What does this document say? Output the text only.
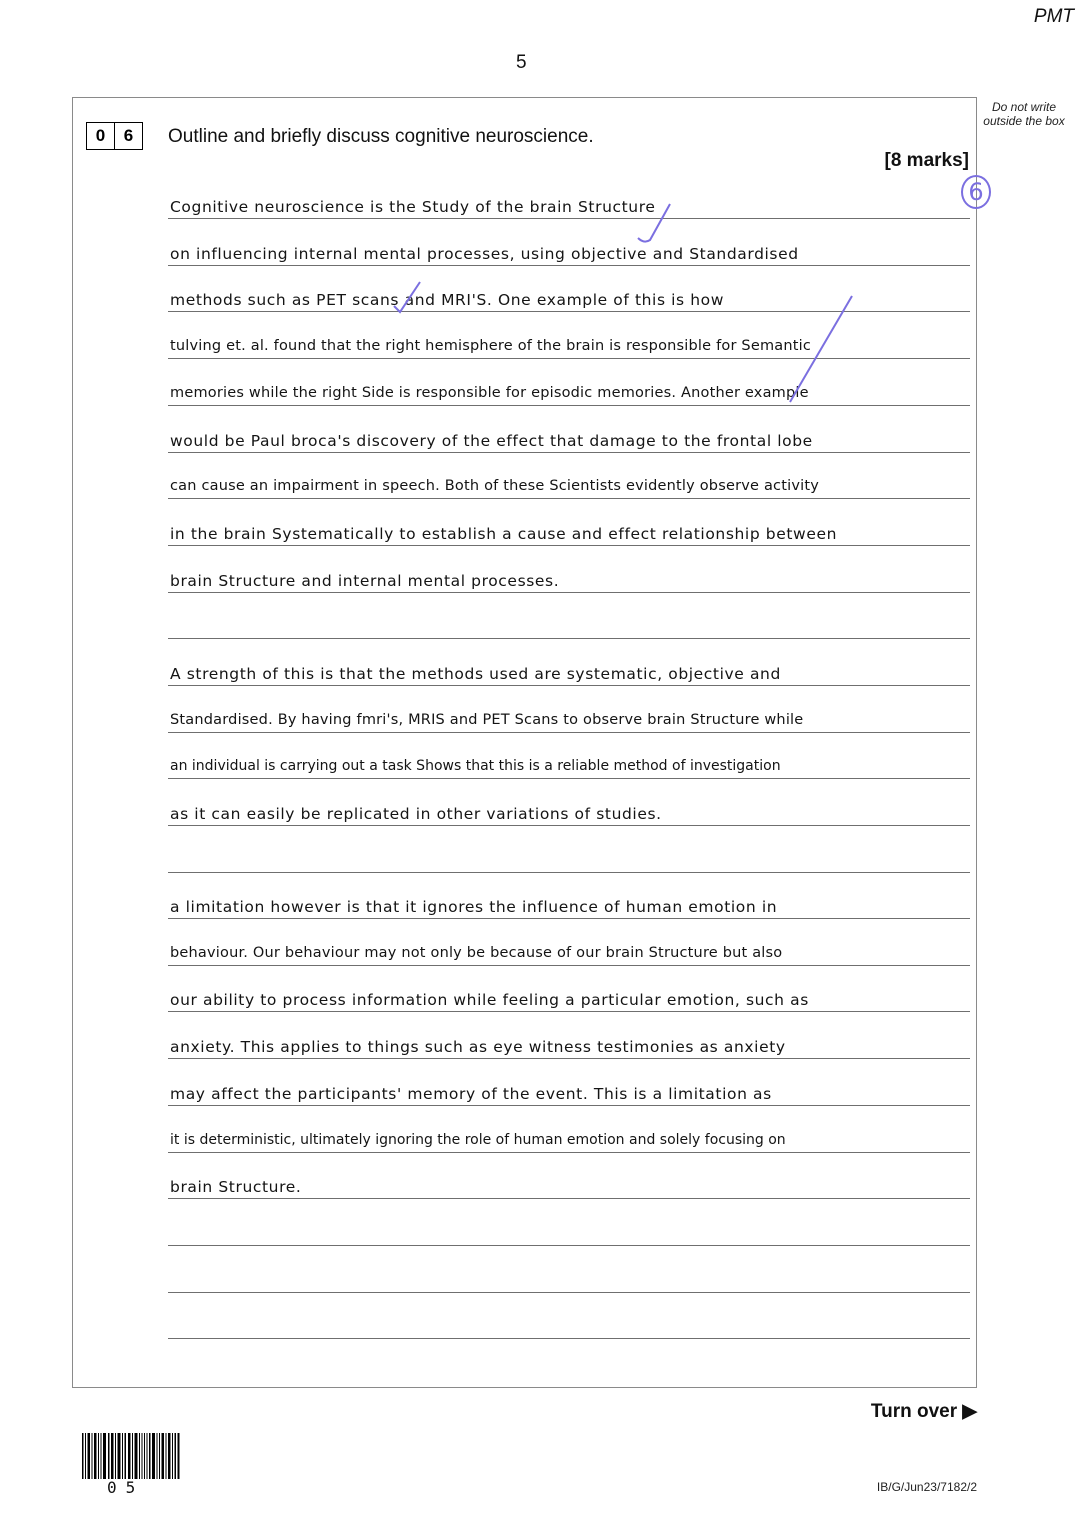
PMT
5
Do not write outside the box
0	6	Outline and briefly discuss cognitive neuroscience.
[8 marks]
6
Cognitive neuroscience is the Study of the brain Structure
on influencing internal mental processes, using objective and Standardised
methods such as PET scans and MRI'S. One example of this is how
tulving et. al. found that the right hemisphere of the brain is responsible for Semantic
memories while the right Side is responsible for episodic memories. Another example
would be Paul broca's discovery of the effect that damage to the frontal lobe
can cause an impairment in speech. Both of these Scientists evidently observe activity
in the brain Systematically to establish a cause and effect relationship between
brain Structure and internal mental processes.
A strength of this is that the methods used are systematic, objective and
Standardised. By having fmri's, MRIS and PET Scans to observe brain Structure while
an individual is carrying out a task Shows that this is a reliable method of investigation
as it can easily be replicated in other variations of studies.
a limitation however is that it ignores the influence of human emotion in
behaviour. Our behaviour may not only be because of our brain Structure but also
our ability to process information while feeling a particular emotion, such as
anxiety. This applies to things such as eye witness testimonies as anxiety
may affect the participants' memory of the event. This is a limitation as
it is deterministic, ultimately ignoring the role of human emotion and solely focusing on
brain Structure.
Turn over ▶
05	IB/G/Jun23/7182/2
